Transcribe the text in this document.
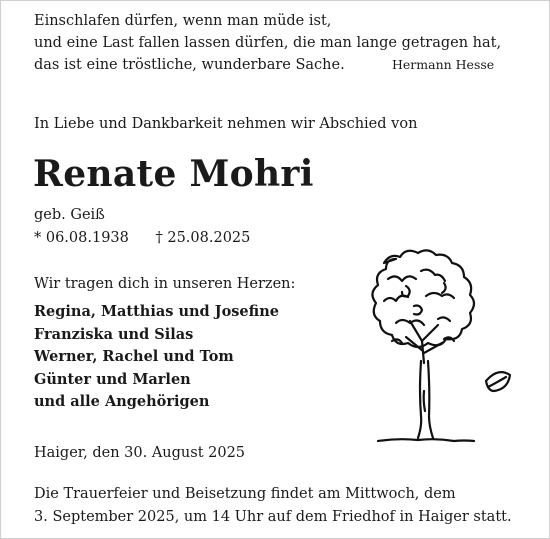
Einschlafen dürfen, wenn man müde ist,
und eine Last fallen lassen dürfen, die man lange getragen hat,
das ist eine tröstliche, wunderbare Sache.	Hermann Hesse
In Liebe und Dankbarkeit nehmen wir Abschied von
Renate Mohri
geb. Geiß
* 06.08.1938 † 25.08.2025
Wir tragen dich in unseren Herzen:
Regina, Matthias und Josefine
Franziska und Silas
Werner, Rachel und Tom
Günter und Marlen
und alle Angehörigen
Haiger, den 30. August 2025
Die Trauerfeier und Beisetzung findet am Mittwoch, dem
3. September 2025, um 14 Uhr auf dem Friedhof in Haiger statt.
